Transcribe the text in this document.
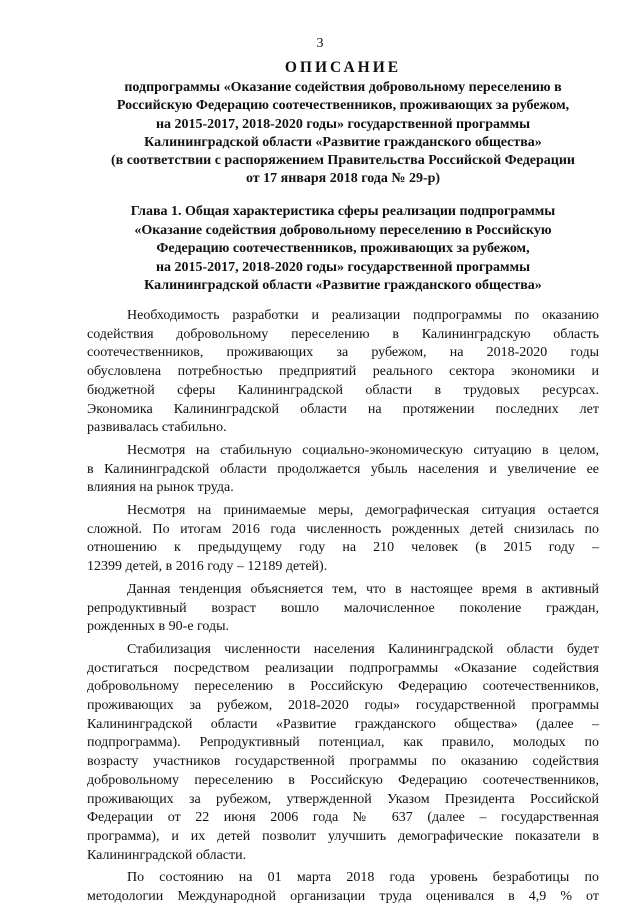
3
ОПИСАНИЕ
подпрограммы «Оказание содействия добровольному переселению в
Российскую Федерацию соотечественников, проживающих за рубежом,
на 2015-2017, 2018-2020 годы» государственной программы
Калининградской области «Развитие гражданского общества»
(в соответствии с распоряжением Правительства Российской Федерации
от 17 января 2018 года № 29-р)
Глава 1. Общая характеристика сферы реализации подпрограммы
«Оказание содействия добровольному переселению в Российскую
Федерацию соотечественников, проживающих за рубежом,
на 2015-2017, 2018-2020 годы» государственной программы
Калининградской области «Развитие гражданского общества»

Необходимость разработки и реализации подпрограммы по оказанию
содействия добровольному переселению в Калининградскую область
соотечественников, проживающих за рубежом, на 2018-2020 годы
обусловлена потребностью предприятий реального сектора экономики и
бюджетной сферы Калининградской области в трудовых ресурсах.
Экономика Калининградской области на протяжении последних лет
развивалась стабильно.

Несмотря на стабильную социально-экономическую ситуацию в целом,
в Калининградской области продолжается убыль населения и увеличение ее
влияния на рынок труда.

Несмотря на принимаемые меры, демографическая ситуация остается
сложной. По итогам 2016 года численность рожденных детей снизилась по
отношению к предыдущему году на 210 человек (в 2015 году –
12399 детей, в 2016 году – 12189 детей).

Данная тенденция объясняется тем, что в настоящее время в активный
репродуктивный возраст вошло малочисленное поколение граждан,
рожденных в 90-е годы.

Стабилизация численности населения Калининградской области будет
достигаться посредством реализации подпрограммы «Оказание содействия
добровольному переселению в Российскую Федерацию соотечественников,
проживающих за рубежом, 2018-2020 годы» государственной программы
Калининградской области «Развитие гражданского общества» (далее –
подпрограмма). Репродуктивный потенциал, как правило, молодых по
возрасту участников государственной программы по оказанию содействия
добровольному переселению в Российскую Федерацию соотечественников,
проживающих за рубежом, утвержденной Указом Президента Российской
Федерации от 22 июня 2006 года № 637 (далее – государственная
программа), и их детей позволит улучшить демографические показатели в
Калининградской области.

По состоянию на 01 марта 2018 года уровень безработицы по
методологии Международной организации труда оценивался в 4,9 % от
